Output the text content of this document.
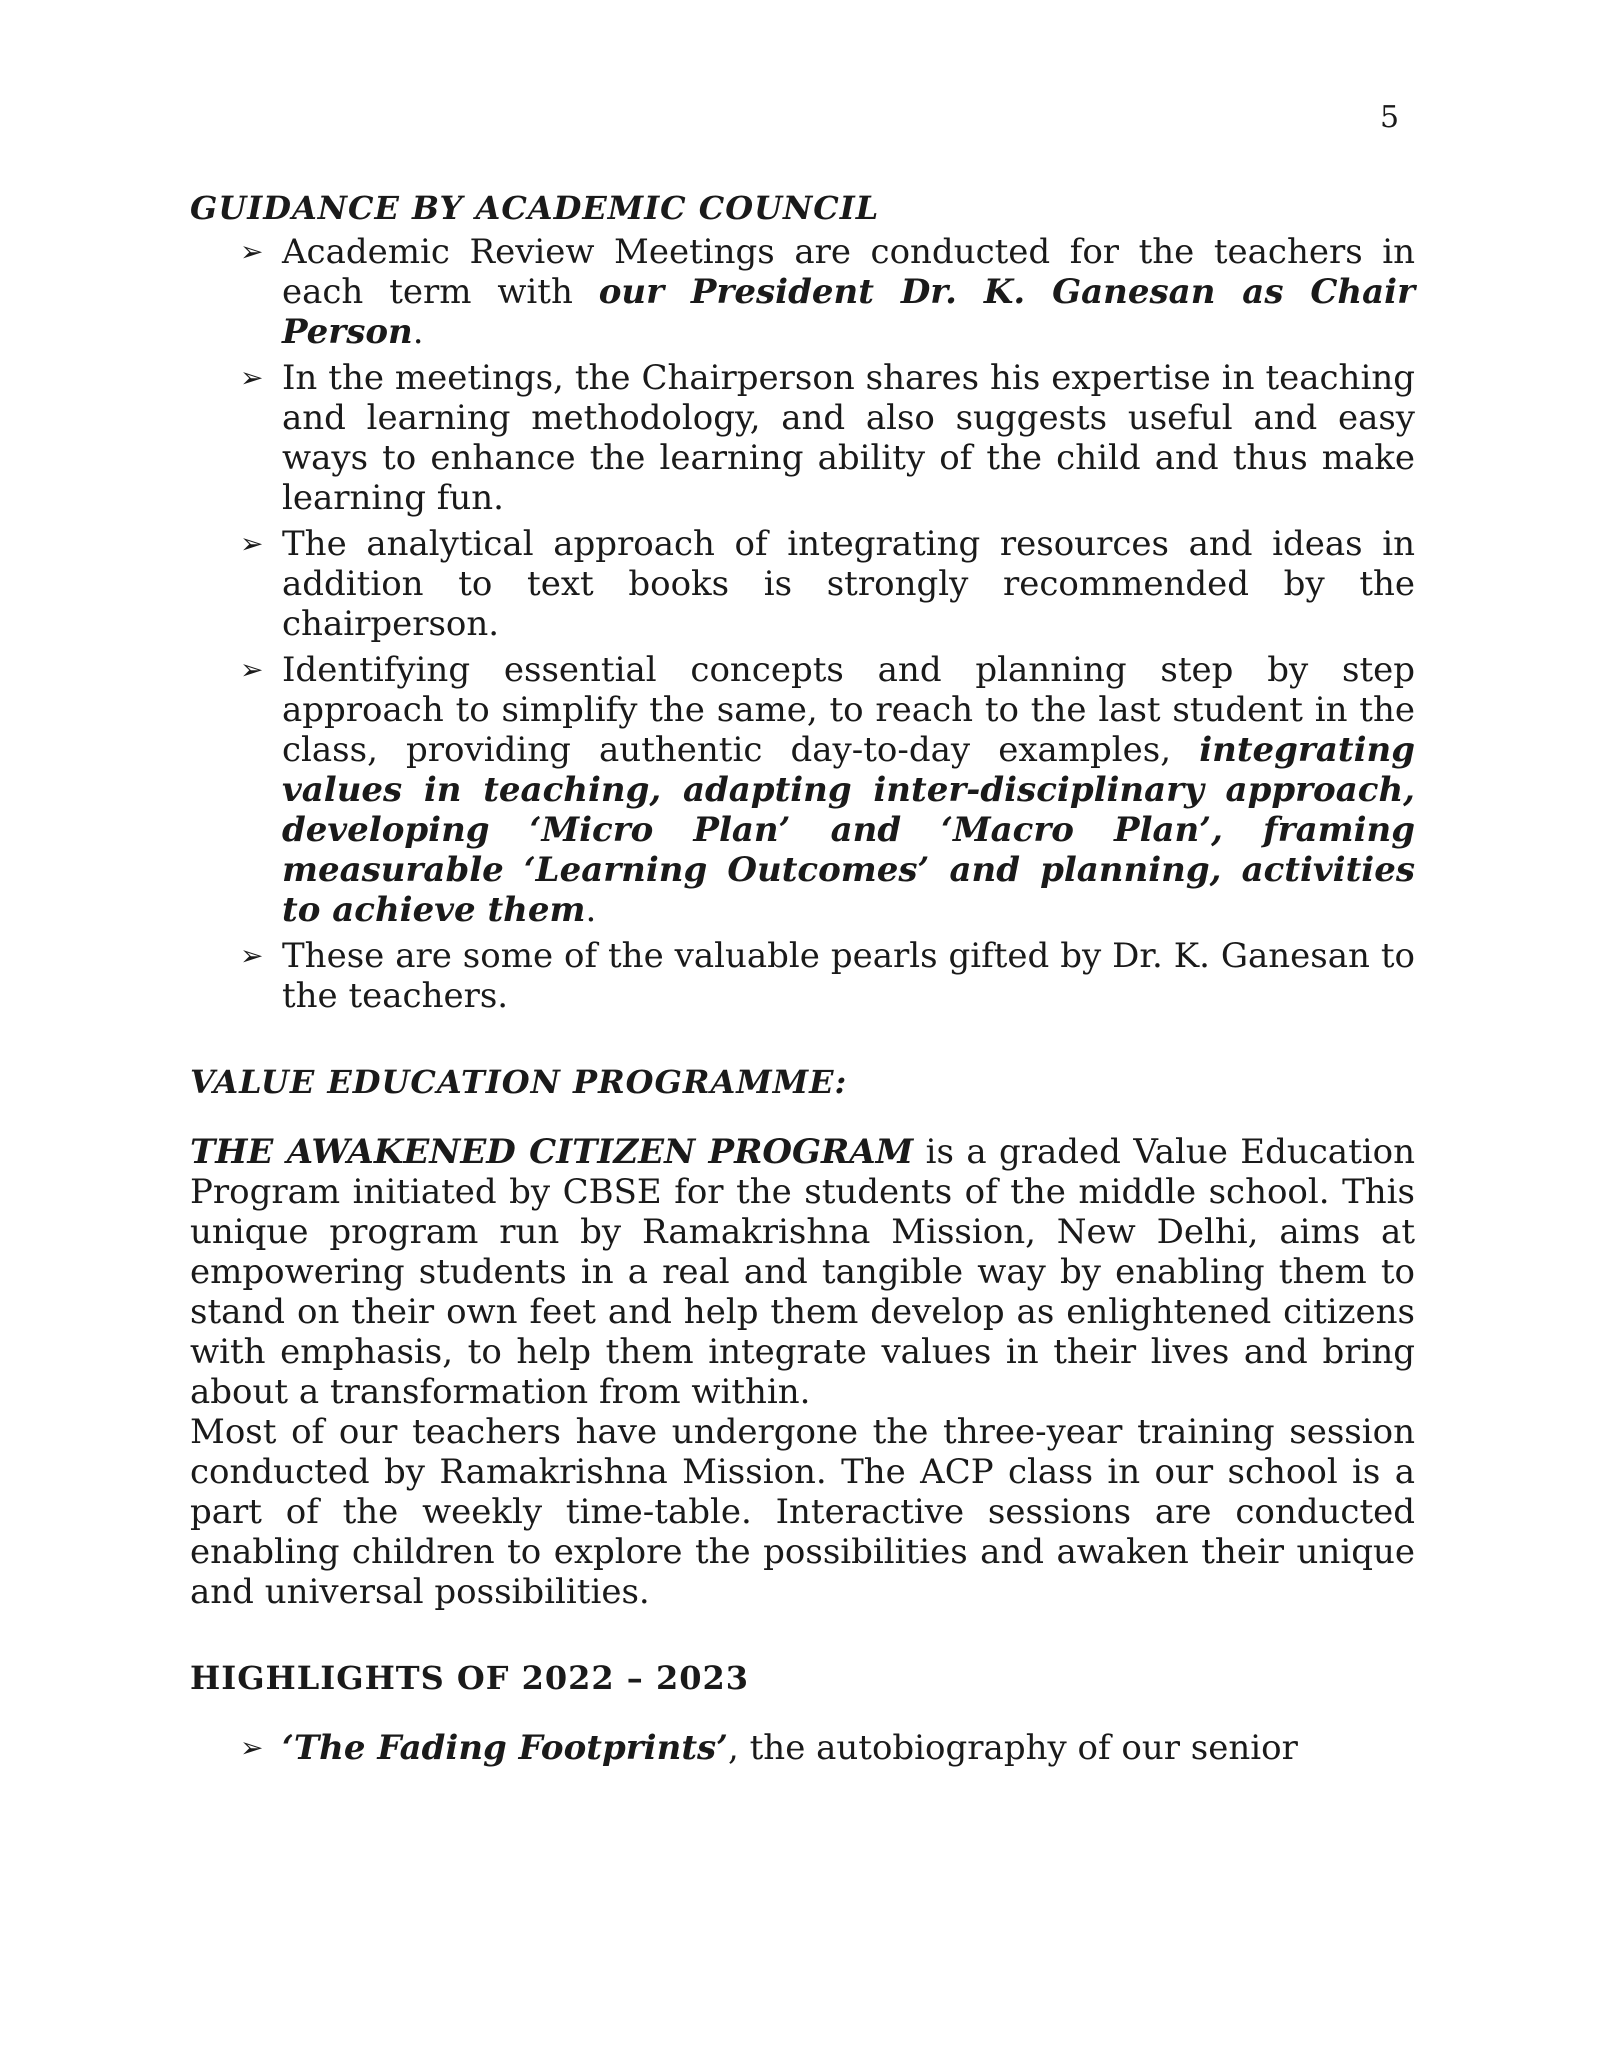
5
GUIDANCE BY ACADEMIC COUNCIL
➢ Academic Review Meetings are conducted for the teachers in each term with our President Dr. K. Ganesan as Chair Person.
➢ In the meetings, the Chairperson shares his expertise in teaching and learning methodology, and also suggests useful and easy ways to enhance the learning ability of the child and thus make learning fun.
➢ The analytical approach of integrating resources and ideas in addition to text books is strongly recommended by the chairperson.
➢ Identifying essential concepts and planning step by step approach to simplify the same, to reach to the last student in the class, providing authentic day-to-day examples, integrating values in teaching, adapting inter-disciplinary approach, developing ‘Micro Plan’ and ‘Macro Plan’, framing measurable ‘Learning Outcomes’ and planning, activities to achieve them.
➢ These are some of the valuable pearls gifted by Dr. K. Ganesan to the teachers.
VALUE EDUCATION PROGRAMME:

THE AWAKENED CITIZEN PROGRAM is a graded Value Education Program initiated by CBSE for the students of the middle school. This unique program run by Ramakrishna Mission, New Delhi, aims at empowering students in a real and tangible way by enabling them to stand on their own feet and help them develop as enlightened citizens with emphasis, to help them integrate values in their lives and bring about a transformation from within.

Most of our teachers have undergone the three-year training session conducted by Ramakrishna Mission. The ACP class in our school is a part of the weekly time-table. Interactive sessions are conducted enabling children to explore the possibilities and awaken their unique and universal possibilities.

HIGHLIGHTS OF 2022 – 2023
➢ ‘The Fading Footprints’, the autobiography of our senior
